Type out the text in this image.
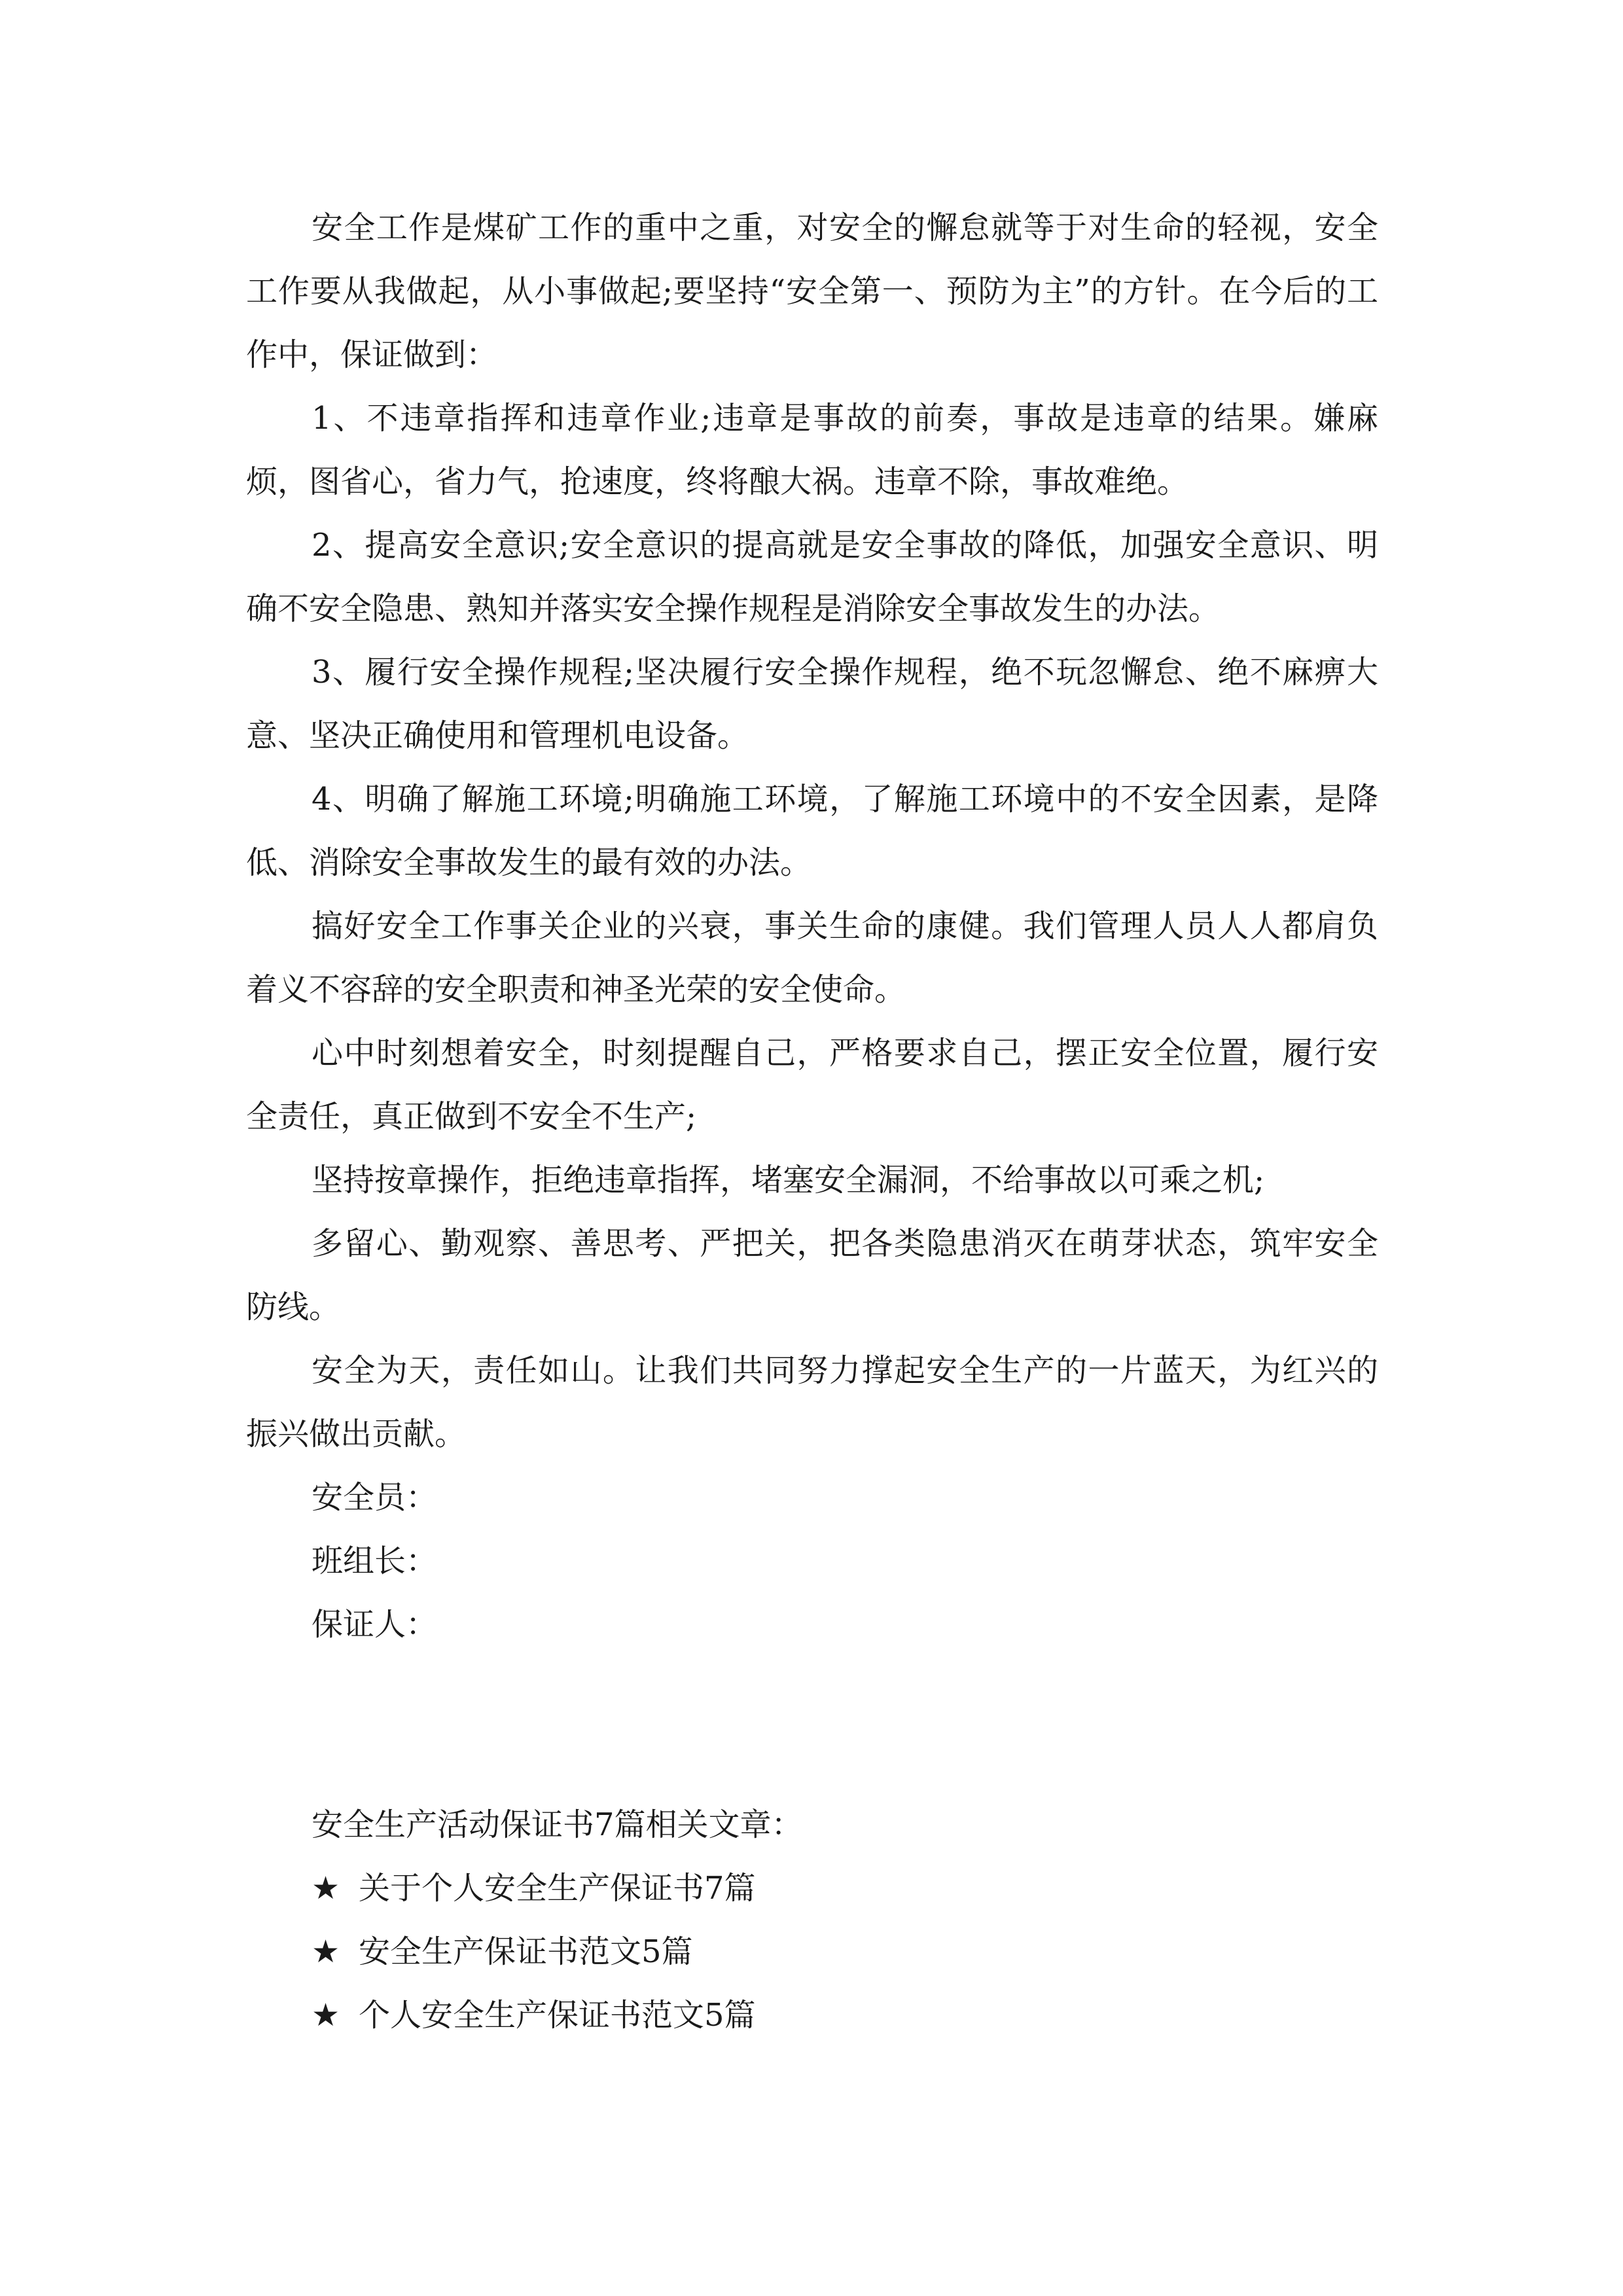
安全工作是煤矿工作的重中之重，对安全的懈怠就等于对生命的轻视，安全工作要从我做起，从小事做起;要坚持“安全第一、预防为主”的方针。在今后的工作中，保证做到：

1、不违章指挥和违章作业;违章是事故的前奏，事故是违章的结果。嫌麻烦，图省心，省力气，抢速度，终将酿大祸。违章不除，事故难绝。

2、提高安全意识;安全意识的提高就是安全事故的降低，加强安全意识、明确不安全隐患、熟知并落实安全操作规程是消除安全事故发生的办法。

3、履行安全操作规程;坚决履行安全操作规程，绝不玩忽懈怠、绝不麻痹大意、坚决正确使用和管理机电设备。

4、明确了解施工环境;明确施工环境，了解施工环境中的不安全因素，是降低、消除安全事故发生的最有效的办法。

搞好安全工作事关企业的兴衰，事关生命的康健。我们管理人员人人都肩负着义不容辞的安全职责和神圣光荣的安全使命。

心中时刻想着安全，时刻提醒自己，严格要求自己，摆正安全位置，履行安全责任，真正做到不安全不生产;

坚持按章操作，拒绝违章指挥，堵塞安全漏洞，不给事故以可乘之机;

多留心、勤观察、善思考、严把关，把各类隐患消灭在萌芽状态，筑牢安全防线。

安全为天，责任如山。让我们共同努力撑起安全生产的一片蓝天，为红兴的振兴做出贡献。

安全员：

班组长：

保证人：

安全生产活动保证书7篇相关文章：

★ 关于个人安全生产保证书7篇

★ 安全生产保证书范文5篇

★ 个人安全生产保证书范文5篇
